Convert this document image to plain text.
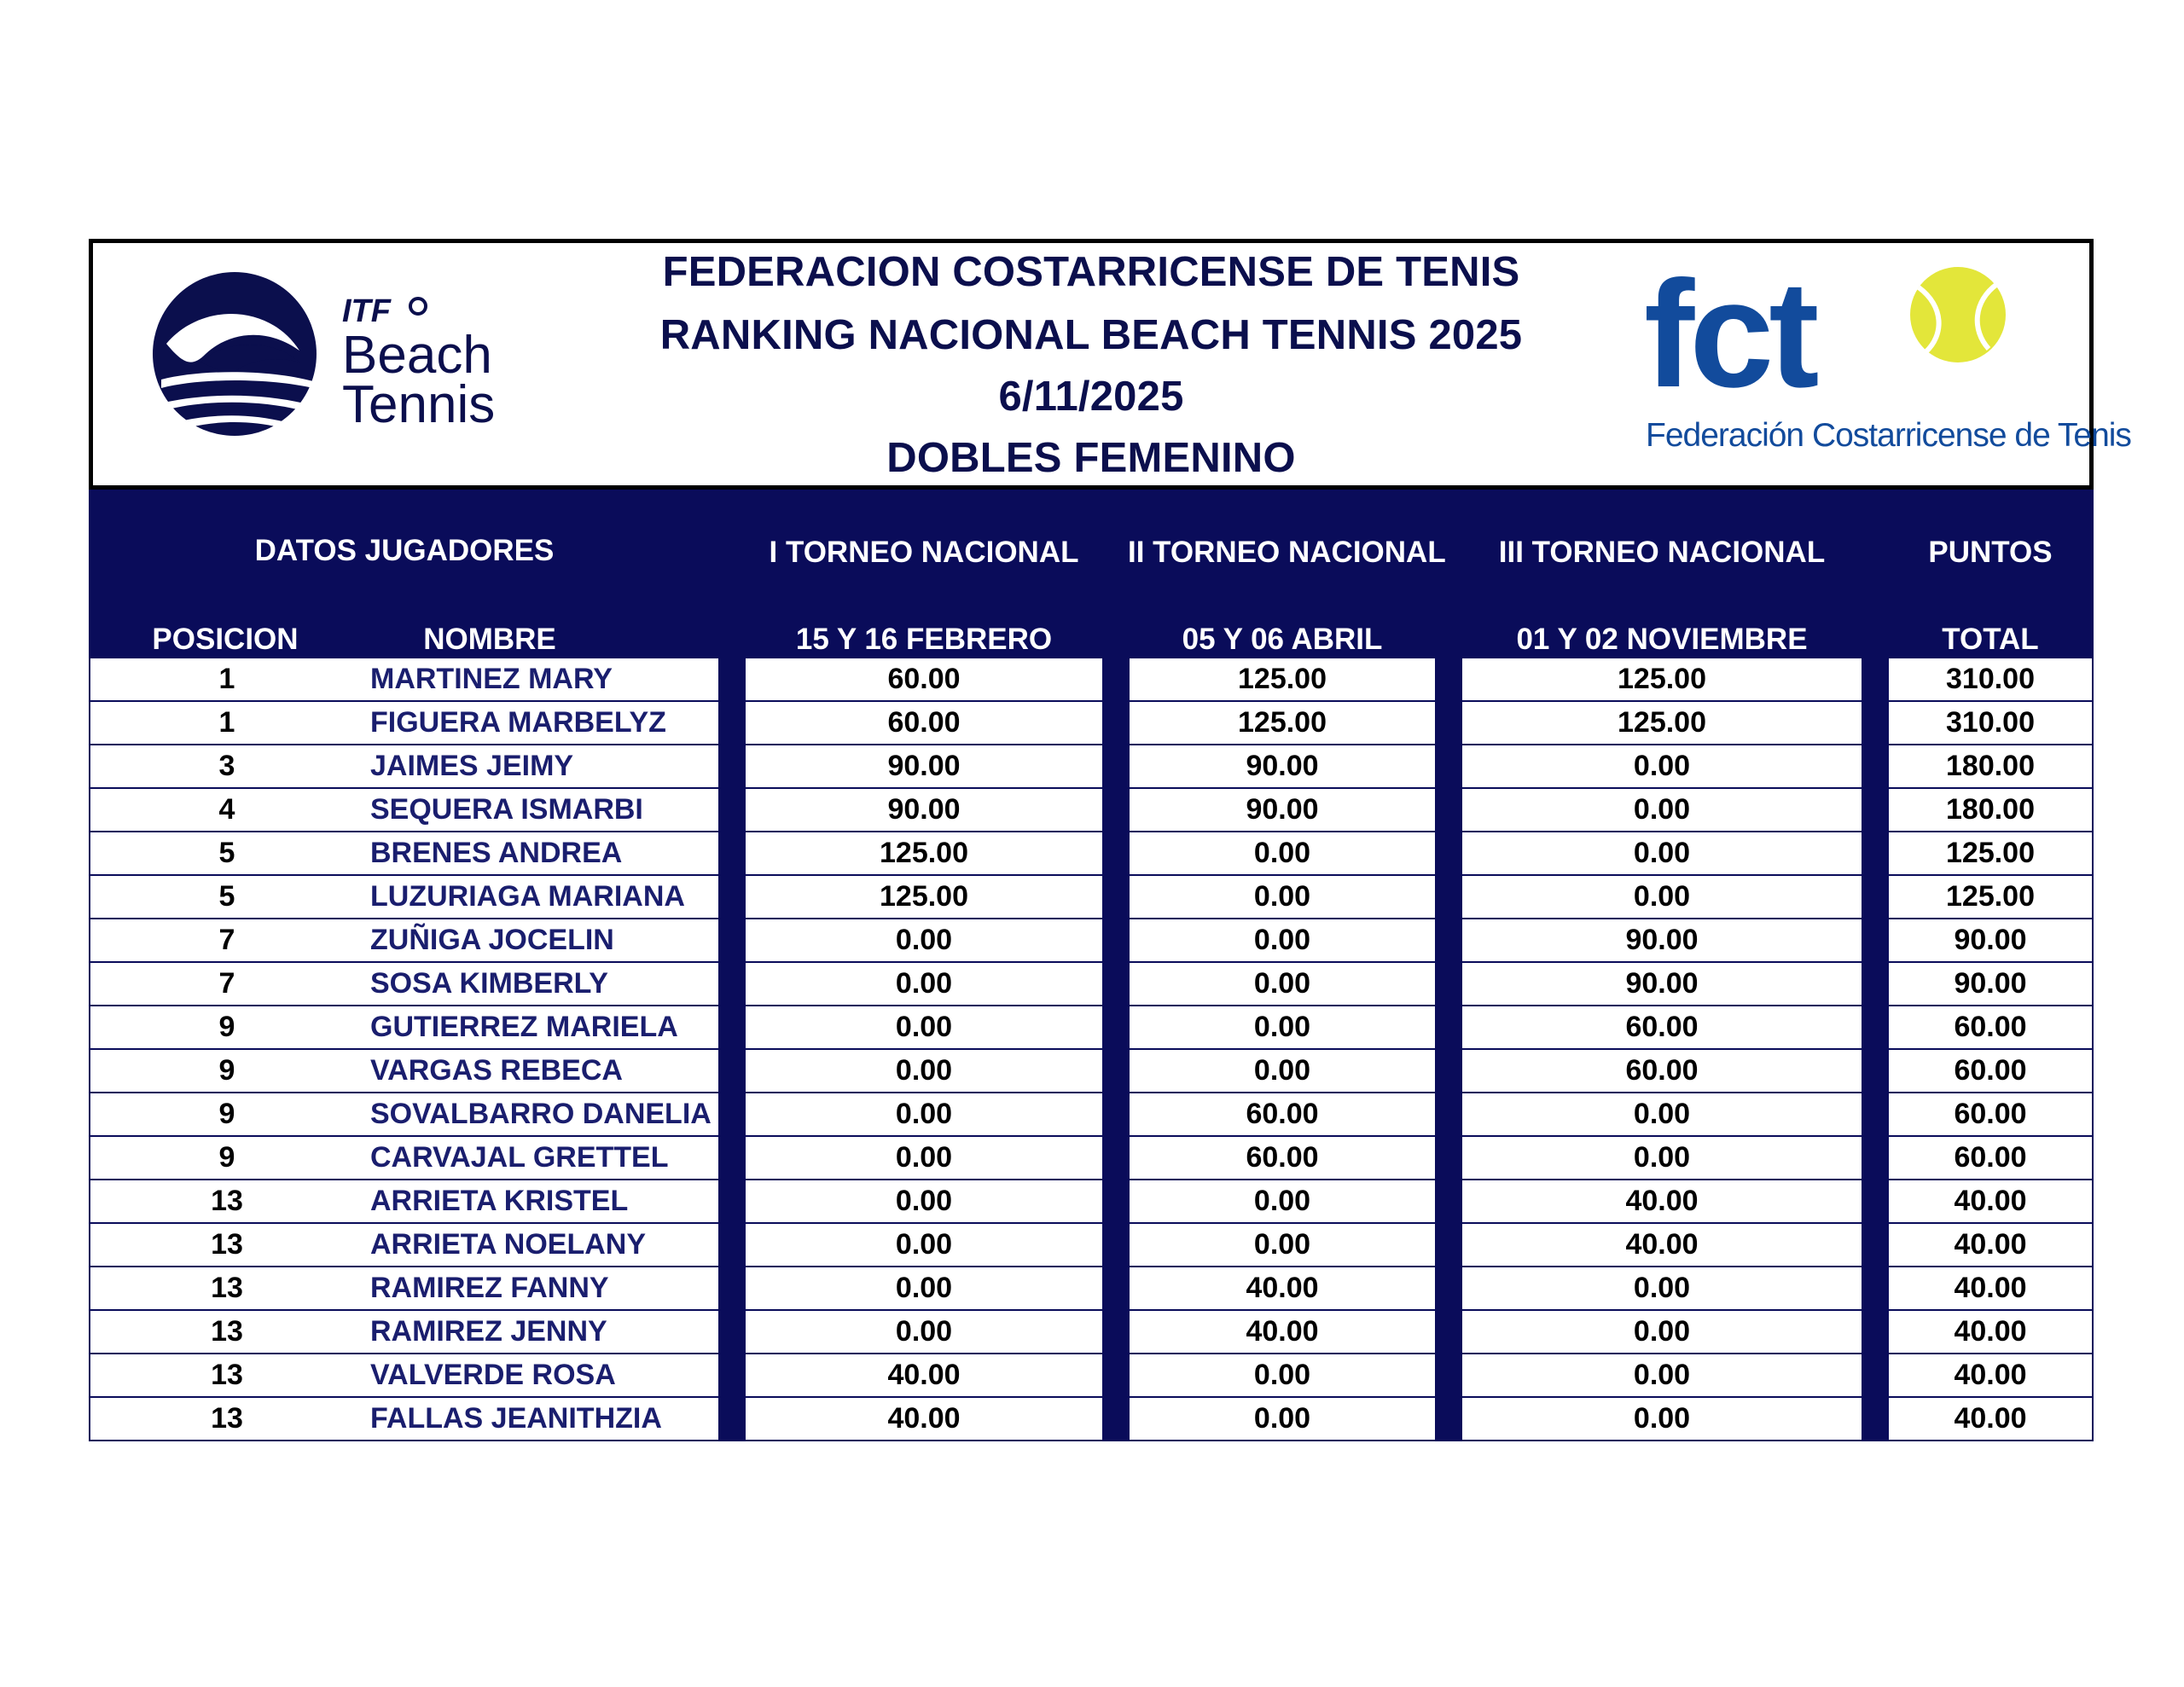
ITF
Beach
Tennis
FEDERACION COSTARRICENSE DE TENIS
RANKING NACIONAL BEACH TENNIS 2025
6/11/2025
DOBLES FEMENINO
fct
Federación Costarricense de Tenis
DATOS JUGADORES
POSICION	NOMBRE
I TORNEO NACIONAL
15 Y 16 FEBRERO
II TORNEO NACIONAL
05 Y 06 ABRIL
III TORNEO NACIONAL
01 Y 02 NOVIEMBRE
PUNTOS
TOTAL
1	MARTINEZ MARY	60.00	125.00	125.00	310.00
1	FIGUERA MARBELYZ	60.00	125.00	125.00	310.00
3	JAIMES JEIMY	90.00	90.00	0.00	180.00
4	SEQUERA ISMARBI	90.00	90.00	0.00	180.00
5	BRENES ANDREA	125.00	0.00	0.00	125.00
5	LUZURIAGA MARIANA	125.00	0.00	0.00	125.00
7	ZUÑIGA JOCELIN	0.00	0.00	90.00	90.00
7	SOSA KIMBERLY	0.00	0.00	90.00	90.00
9	GUTIERREZ MARIELA	0.00	0.00	60.00	60.00
9	VARGAS REBECA	0.00	0.00	60.00	60.00
9	SOVALBARRO DANELIA	0.00	60.00	0.00	60.00
9	CARVAJAL GRETTEL	0.00	60.00	0.00	60.00
13	ARRIETA KRISTEL	0.00	0.00	40.00	40.00
13	ARRIETA NOELANY	0.00	0.00	40.00	40.00
13	RAMIREZ FANNY	0.00	40.00	0.00	40.00
13	RAMIREZ JENNY	0.00	40.00	0.00	40.00
13	VALVERDE ROSA	40.00	0.00	0.00	40.00
13	FALLAS JEANITHZIA	40.00	0.00	0.00	40.00
